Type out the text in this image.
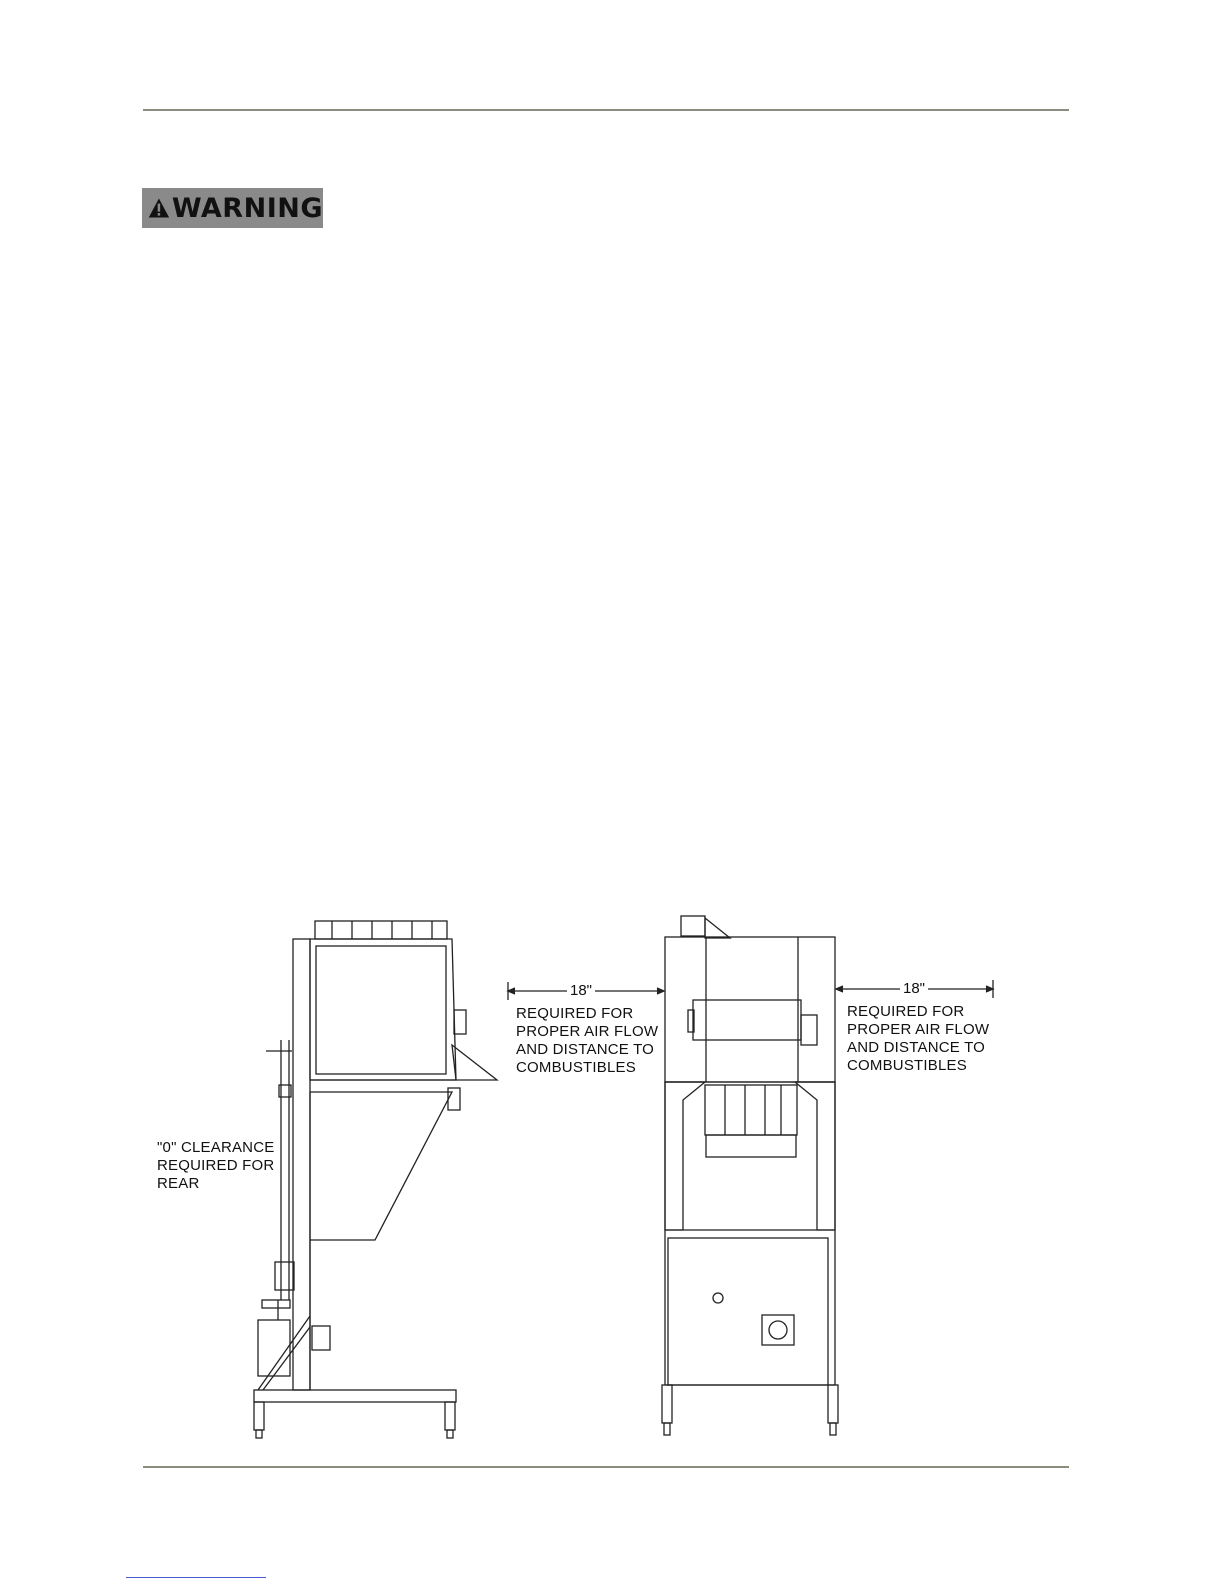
WARNING
18"	18"
REQUIRED FOR
PROPER AIR FLOW
AND DISTANCE TO
COMBUSTIBLES
REQUIRED FOR
PROPER AIR FLOW
AND DISTANCE TO
COMBUSTIBLES
"0" CLEARANCE
REQUIRED FOR
REAR
